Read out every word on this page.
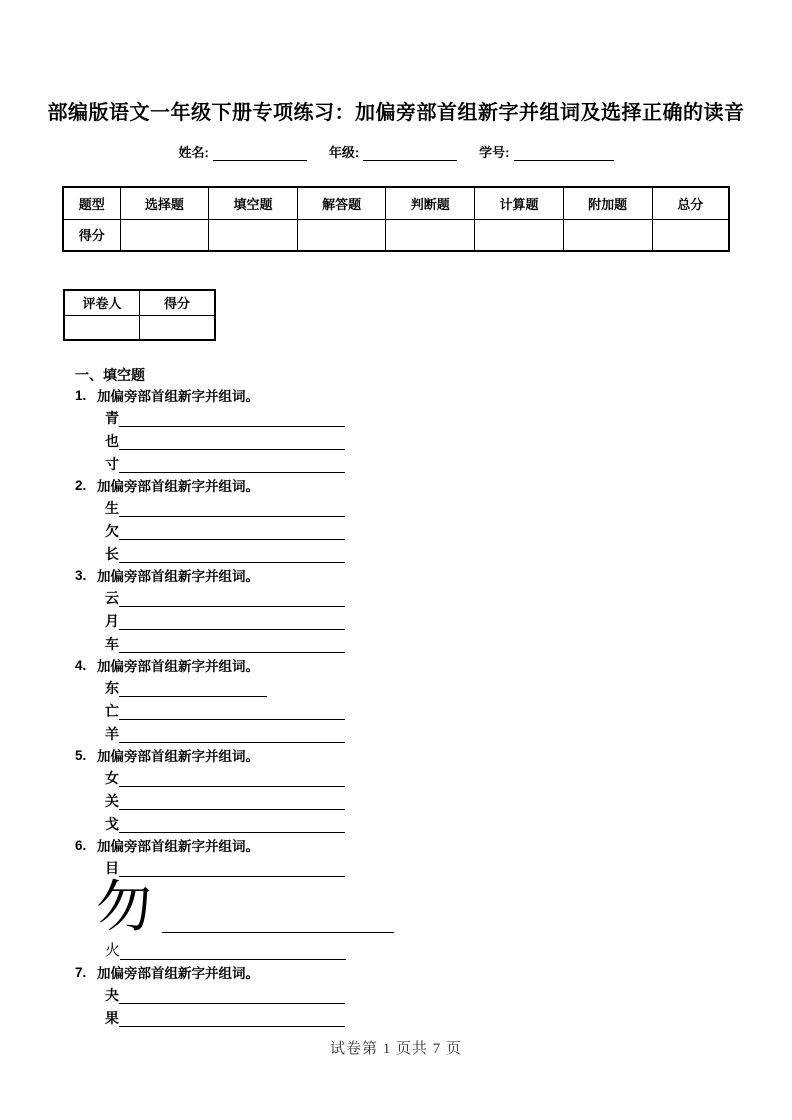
部编版语文一年级下册专项练习：加偏旁部首组新字并组词及选择正确的读音
姓名:	年级:	学号:
题型	选择题	填空题	解答题	判断题	计算题	附加题	总分
得分							
评卷人	得分

一、填空题
1. 加偏旁部首组新字并组词。
青
也
寸
2. 加偏旁部首组新字并组词。
生
欠
长
3. 加偏旁部首组新字并组词。
云
月
车
4. 加偏旁部首组新字并组词。
东
亡
羊
5. 加偏旁部首组新字并组词。
女
关
戈
6. 加偏旁部首组新字并组词。
目
勿
火
7. 加偏旁部首组新字并组词。
夬
果
试卷第 1 页共 7 页
